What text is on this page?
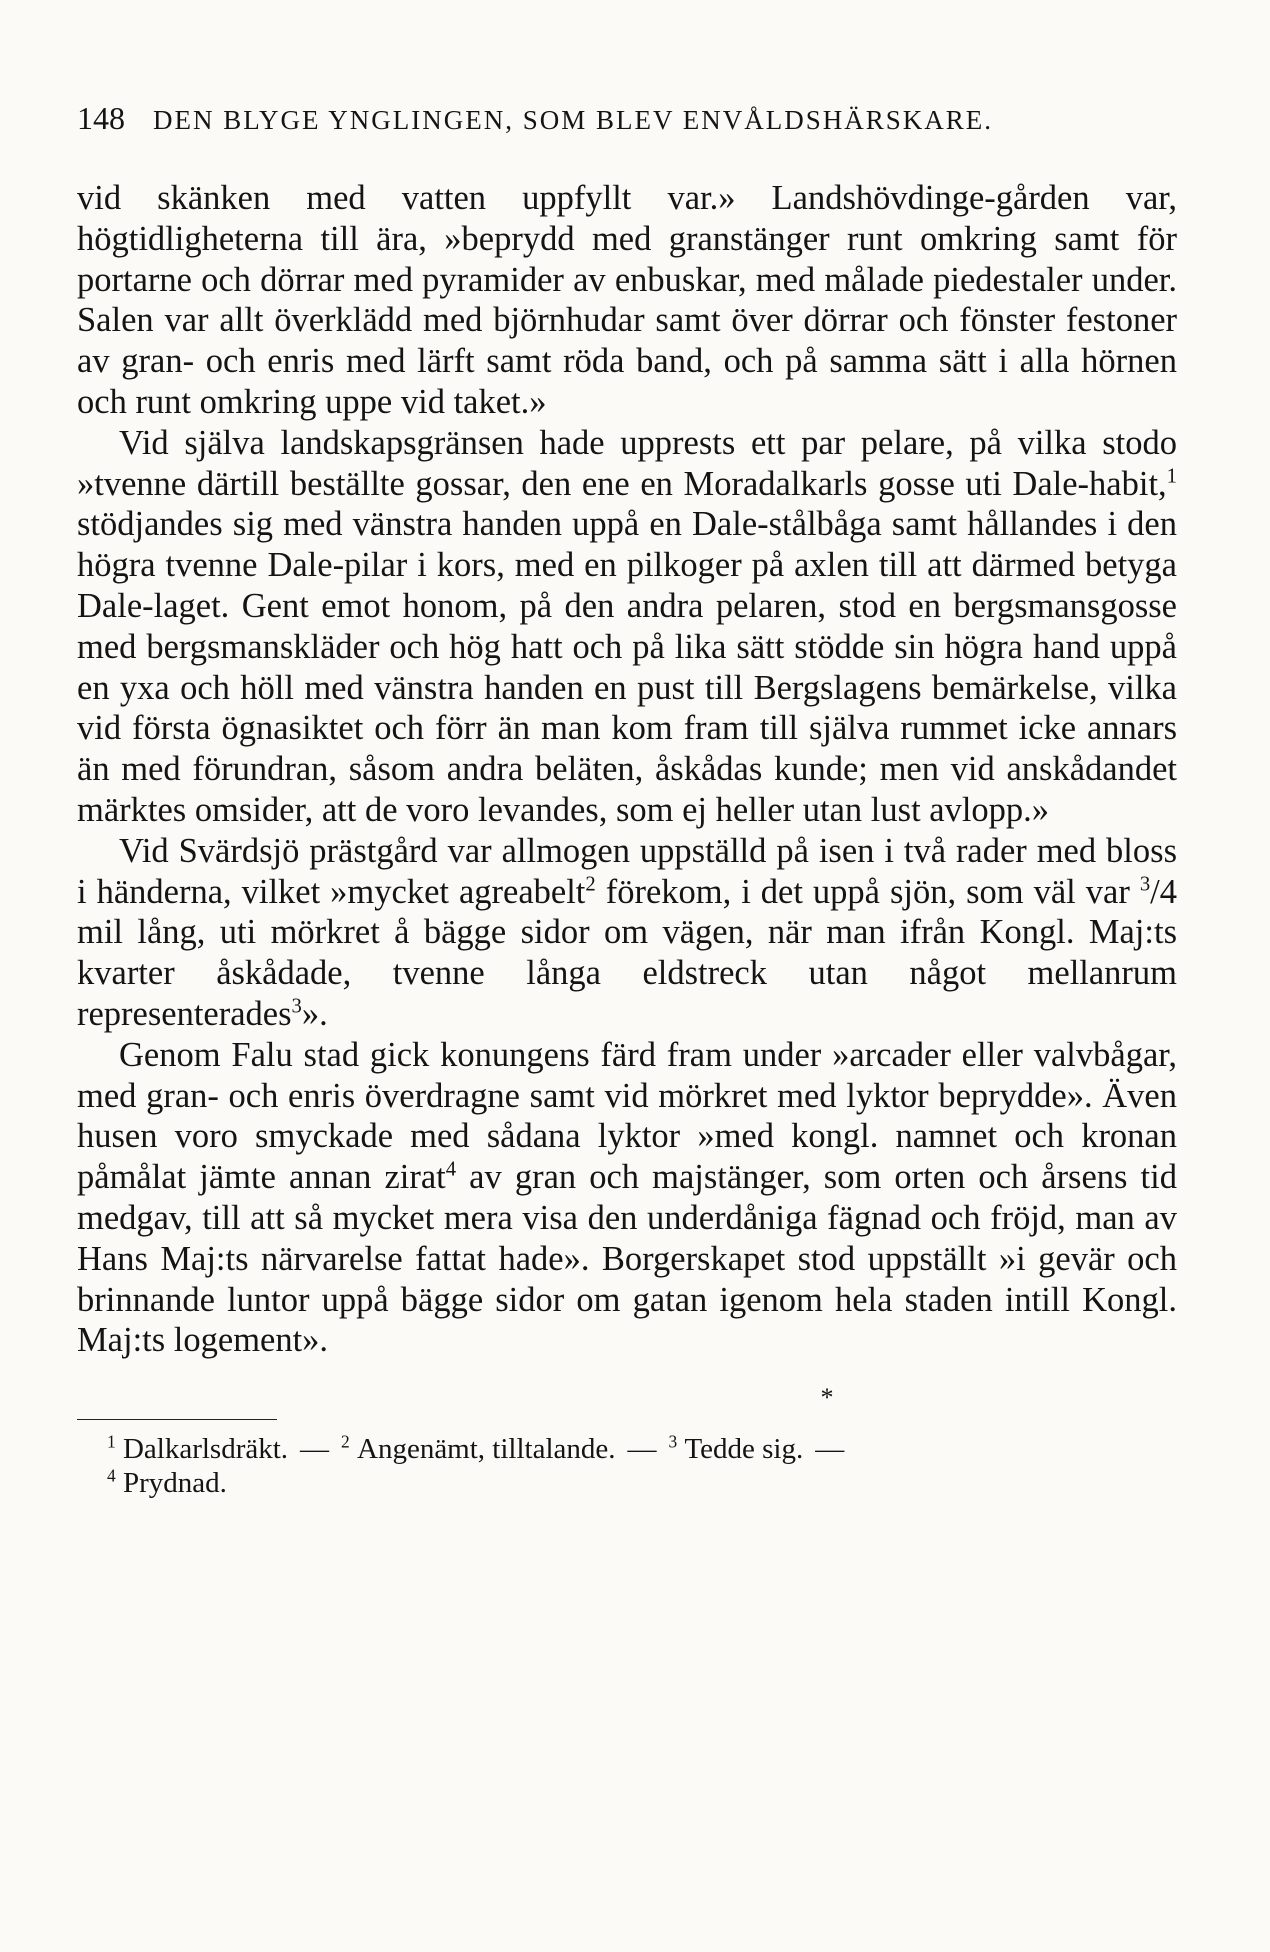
148 DEN BLYGE YNGLINGEN, SOM BLEV ENVÅLDSHÄRSKARE.

vid skänken med vatten uppfyllt var.» Landshövdinge-gården var, högtidligheterna till ära, »beprydd med granstänger runt omkring samt för portarne och dörrar med pyramider av enbuskar, med målade piedestaler under. Salen var allt överklädd med björnhudar samt över dörrar och fönster festoner av gran- och enris med lärft samt röda band, och på samma sätt i alla hörnen och runt omkring uppe vid taket.»

Vid själva landskapsgränsen hade upprests ett par pelare, på vilka stodo »tvenne därtill beställte gossar, den ene en Moradalkarls gosse uti Dale-habit,$^1$ stödjandes sig med vänstra handen uppå en Dale-stålbåga samt hållandes i den högra tvenne Dale-pilar i kors, med en pilkoger på axlen till att därmed betyga Dale-laget. Gent emot honom, på den andra pelaren, stod en bergsmansgosse med bergsmanskläder och hög hatt och på lika sätt stödde sin högra hand uppå en yxa och höll med vänstra handen en pust till Bergslagens bemärkelse, vilka vid första ögnasiktet och förr än man kom fram till själva rummet icke annars än med förundran, såsom andra beläten, åskådas kunde; men vid anskådandet märktes omsider, att de voro levandes, som ej heller utan lust avlopp.»

Vid Svärdsjö prästgård var allmogen uppställd på isen i två rader med bloss i händerna, vilket »mycket agreabelt$^2$ förekom, i det uppå sjön, som väl var $^3$/4 mil lång, uti mörkret å bägge sidor om vägen, när man ifrån Kongl. Maj:ts kvarter åskådade, tvenne långa eldstreck utan något mellanrum representerades$^3$».

Genom Falu stad gick konungens färd fram under »arcader eller valvbågar, med gran- och enris överdragne samt vid mörkret med lyktor beprydde». Även husen voro smyckade med sådana lyktor »med kongl. namnet och kronan påmålat jämte annan zirat$^4$ av gran och majstänger, som orten och årsens tid medgav, till att så mycket mera visa den underdåniga fägnad och fröjd, man av Hans Maj:ts närvarelse fattat hade». Borgerskapet stod uppställt »i gevär och brinnande luntor uppå bägge sidor om gatan igenom hela staden intill Kongl. Maj:ts logement».

*

$^1$ Dalkarlsdräkt. — $^2$ Angenämt, tilltalande. — $^3$ Tedde sig. —
$^4$ Prydnad.
